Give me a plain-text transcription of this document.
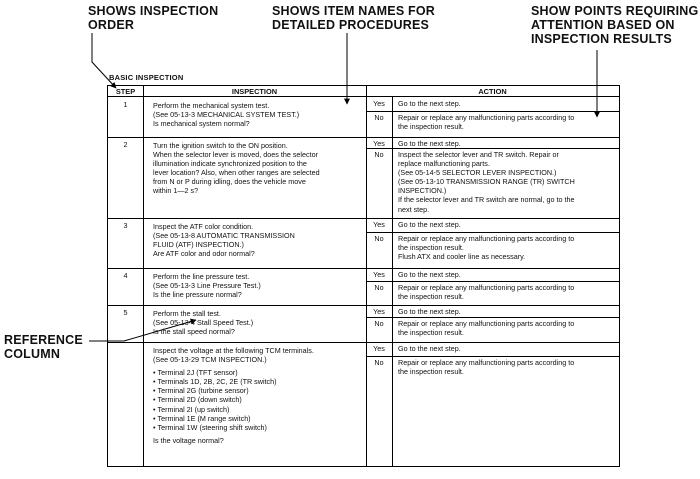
SHOWS INSPECTION
ORDER
SHOWS ITEM NAMES FOR
DETAILED PROCEDURES
SHOW POINTS REQUIRING
ATTENTION BASED ON
INSPECTION RESULTS
REFERENCE
COLUMN
BASIC INSPECTION
STEP	INSPECTION	ACTION
1	Perform the mechanical system test.
(See 05-13-3 MECHANICAL SYSTEM TEST.)
Is mechanical system normal?
Yes	Go to the next step.
No	Repair or replace any malfunctioning parts according to
the inspection result.
2	Turn the ignition switch to the ON position.
When the selector lever is moved, does the selector
illumination indicate synchronized position to the
lever location? Also, when other ranges are selected
from N or P during idling, does the vehicle move
within 1—2 s?
Yes	Go to the next step.
No	Inspect the selector lever and TR switch. Repair or
replace malfunctioning parts.
(See 05-14-5 SELECTOR LEVER INSPECTION.)
(See 05-13-10 TRANSMISSION RANGE (TR) SWITCH
INSPECTION.)
If the selector lever and TR switch are normal, go to the
next step.
3	Inspect the ATF color condition.
(See 05-13-8 AUTOMATIC TRANSMISSION
FLUID (ATF) INSPECTION.)
Are ATF color and odor normal?
Yes	Go to the next step.
No	Repair or replace any malfunctioning parts according to
the inspection result.
Flush ATX and cooler line as necessary.
4	Perform the line pressure test.
(See 05-13-3 Line Pressure Test.)
Is the line pressure normal?
Yes	Go to the next step.
No	Repair or replace any malfunctioning parts according to
the inspection result.
5	Perform the stall test.
(See 05-13-4 Stall Speed Test.)
Is the stall speed normal?
Yes	Go to the next step.
No	Repair or replace any malfunctioning parts according to
the inspection result.
Inspect the voltage at the following TCM terminals.
(See 05-13-29 TCM INSPECTION.)
• Terminal 2J (TFT sensor)
• Terminals 1D, 2B, 2C, 2E (TR switch)
• Terminal 2G (turbine sensor)
• Terminal 2D (down switch)
• Terminal 2I (up switch)
• Terminal 1E (M range switch)
• Terminal 1W (steering shift switch)
Is the voltage normal?
Yes	Go to the next step.
No	Repair or replace any malfunctioning parts according to
the inspection result.
